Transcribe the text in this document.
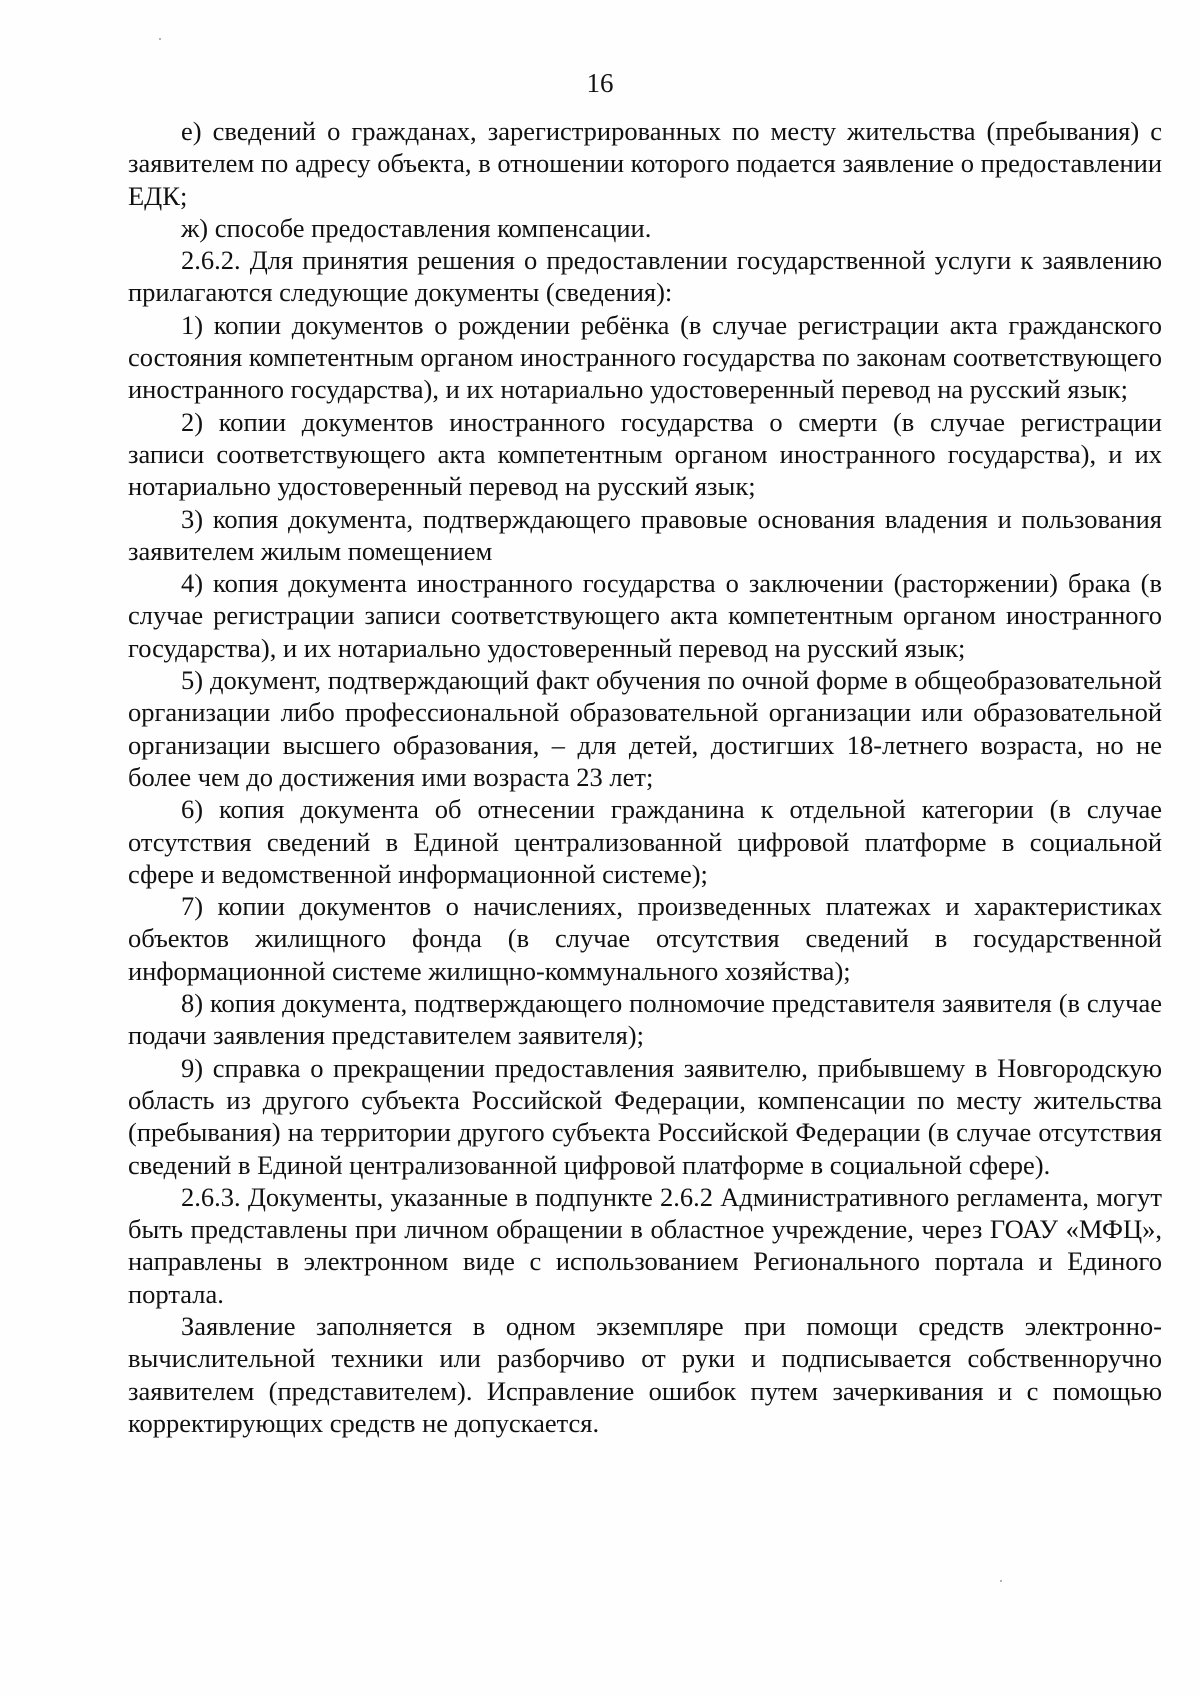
16

е) сведений о гражданах, зарегистрированных по месту жительства (пребывания) с заявителем по адресу объекта, в отношении которого подается заявление о предоставлении ЕДК;

ж) способе предоставления компенсации.

2.6.2. Для принятия решения о предоставлении государственной услуги к заявлению прилагаются следующие документы (сведения):

1) копии документов о рождении ребёнка (в случае регистрации акта гражданского состояния компетентным органом иностранного государства по законам соответствующего иностранного государства), и их нотариально удостоверенный перевод на русский язык;

2) копии документов иностранного государства о смерти (в случае регистрации записи соответствующего акта компетентным органом иностранного государства), и их нотариально удостоверенный перевод на русский язык;

3) копия документа, подтверждающего правовые основания владения и пользования заявителем жилым помещением

4) копия документа иностранного государства о заключении (расторжении) брака (в случае регистрации записи соответствующего акта компетентным органом иностранного государства), и их нотариально удостоверенный перевод на русский язык;

5) документ, подтверждающий факт обучения по очной форме в общеобразовательной организации либо профессиональной образовательной организации или образовательной организации высшего образования, – для детей, достигших 18-летнего возраста, но не более чем до достижения ими возраста 23 лет;

6) копия документа об отнесении гражданина к отдельной категории (в случае отсутствия сведений в Единой централизованной цифровой платформе в социальной сфере и ведомственной информационной системе);

7) копии документов о начислениях, произведенных платежах и характеристиках объектов жилищного фонда (в случае отсутствия сведений в государственной информационной системе жилищно-коммунального хозяйства);

8) копия документа, подтверждающего полномочие представителя заявителя (в случае подачи заявления представителем заявителя);

9) справка о прекращении предоставления заявителю, прибывшему в Новгородскую область из другого субъекта Российской Федерации, компенсации по месту жительства (пребывания) на территории другого субъекта Российской Федерации (в случае отсутствия сведений в Единой централизованной цифровой платформе в социальной сфере).

2.6.3. Документы, указанные в подпункте 2.6.2 Административного регламента, могут быть представлены при личном обращении в областное учреждение, через ГОАУ «МФЦ», направлены в электронном виде с использованием Регионального портала и Единого портала.

Заявление заполняется в одном экземпляре при помощи средств электронно-вычислительной техники или разборчиво от руки и подписывается собственноручно заявителем (представителем). Исправление ошибок путем зачеркивания и с помощью корректирующих средств не допускается.
